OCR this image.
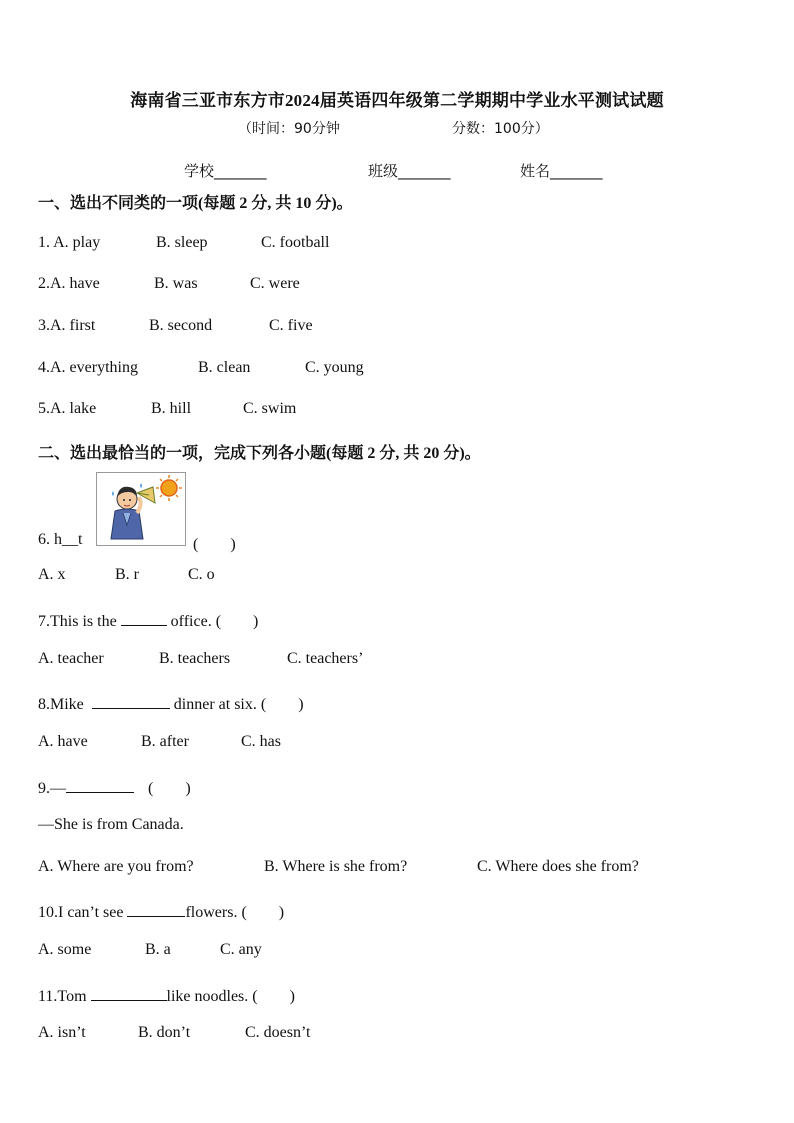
海南省三亚市东方市2024届英语四年级第二学期期中学业水平测试试题
（时间：90分钟	分数：100分）
学校_______	班级_______	姓名_______
一、选出不同类的一项(每题 2 分, 共 10 分)。
1. A. play	B. sleep	C. football
2.A. have	B. was	C. were
3.A. first	B. second	C. five
4.A. everything	B. clean	C. young
5.A. lake	B. hill	C. swim
二、选出最恰当的一项，完成下列各小题(每题 2 分, 共 20 分)。
6. h__t	(　　)
A. x	B. r	C. o
7.This is the	office. (　　)
A. teacher	B. teachers	C. teachers’
8.Mike	dinner at six. (　　)
A. have	B. after	C. has
9.—	(　　)
—She is from Canada.
A. Where are you from?	B. Where is she from?	C. Where does she from?
10.I can’t see	flowers. (　　)
A. some	B. a	C. any
11.Tom	like noodles. (　　)
A. isn’t	B. don’t	C. doesn’t
